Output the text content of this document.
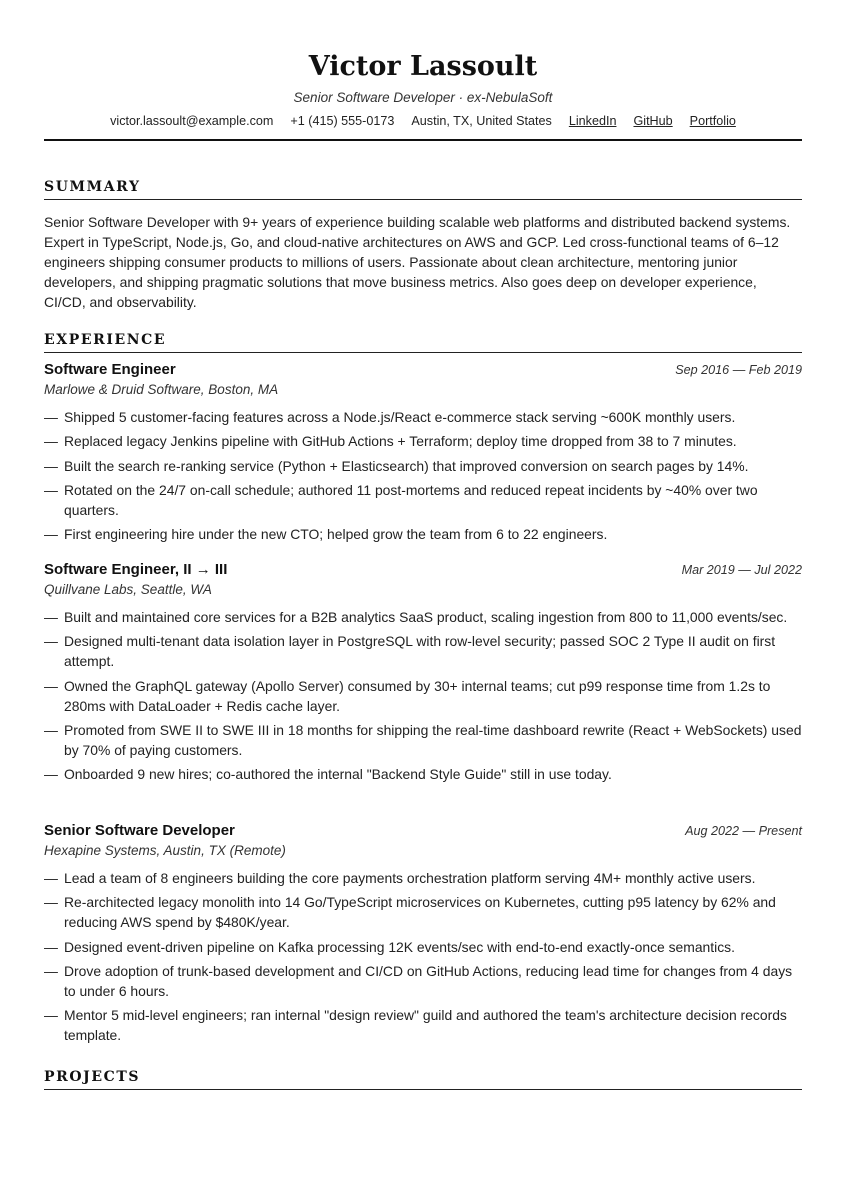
Victor Lassoult
Senior Software Developer · ex-NebulaSoft
victor.lassoult@example.com +1 (415) 555-0173 Austin, TX, United States LinkedIn GitHub Portfolio
SUMMARY

Senior Software Developer with 9+ years of experience building scalable web platforms and distributed backend systems. Expert in TypeScript, Node.js, Go, and cloud-native architectures on AWS and GCP. Led cross-functional teams of 6–12 engineers shipping consumer products to millions of users. Passionate about clean architecture, mentoring junior developers, and shipping pragmatic solutions that move business metrics. Also goes deep on developer experience, CI/CD, and observability.

EXPERIENCE
Software Engineer	Sep 2016 — Feb 2019
Marlowe & Druid Software, Boston, MA
— Shipped 5 customer-facing features across a Node.js/React e-commerce stack serving ~600K monthly users.
— Replaced legacy Jenkins pipeline with GitHub Actions + Terraform; deploy time dropped from 38 to 7 minutes.
— Built the search re-ranking service (Python + Elasticsearch) that improved conversion on search pages by 14%.
— Rotated on the 24/7 on-call schedule; authored 11 post-mortems and reduced repeat incidents by ~40% over two quarters.
— First engineering hire under the new CTO; helped grow the team from 6 to 22 engineers.
Software Engineer, II → III	Mar 2019 — Jul 2022
Quillvane Labs, Seattle, WA
— Built and maintained core services for a B2B analytics SaaS product, scaling ingestion from 800 to 11,000 events/sec.
— Designed multi-tenant data isolation layer in PostgreSQL with row-level security; passed SOC 2 Type II audit on first attempt.
— Owned the GraphQL gateway (Apollo Server) consumed by 30+ internal teams; cut p99 response time from 1.2s to 280ms with DataLoader + Redis cache layer.
— Promoted from SWE II to SWE III in 18 months for shipping the real-time dashboard rewrite (React + WebSockets) used by 70% of paying customers.
— Onboarded 9 new hires; co-authored the internal "Backend Style Guide" still in use today.
Senior Software Developer	Aug 2022 — Present
Hexapine Systems, Austin, TX (Remote)
— Lead a team of 8 engineers building the core payments orchestration platform serving 4M+ monthly active users.
— Re-architected legacy monolith into 14 Go/TypeScript microservices on Kubernetes, cutting p95 latency by 62% and reducing AWS spend by $480K/year.
— Designed event-driven pipeline on Kafka processing 12K events/sec with end-to-end exactly-once semantics.
— Drove adoption of trunk-based development and CI/CD on GitHub Actions, reducing lead time for changes from 4 days to under 6 hours.
— Mentor 5 mid-level engineers; ran internal "design review" guild and authored the team's architecture decision records template.
PROJECTS
